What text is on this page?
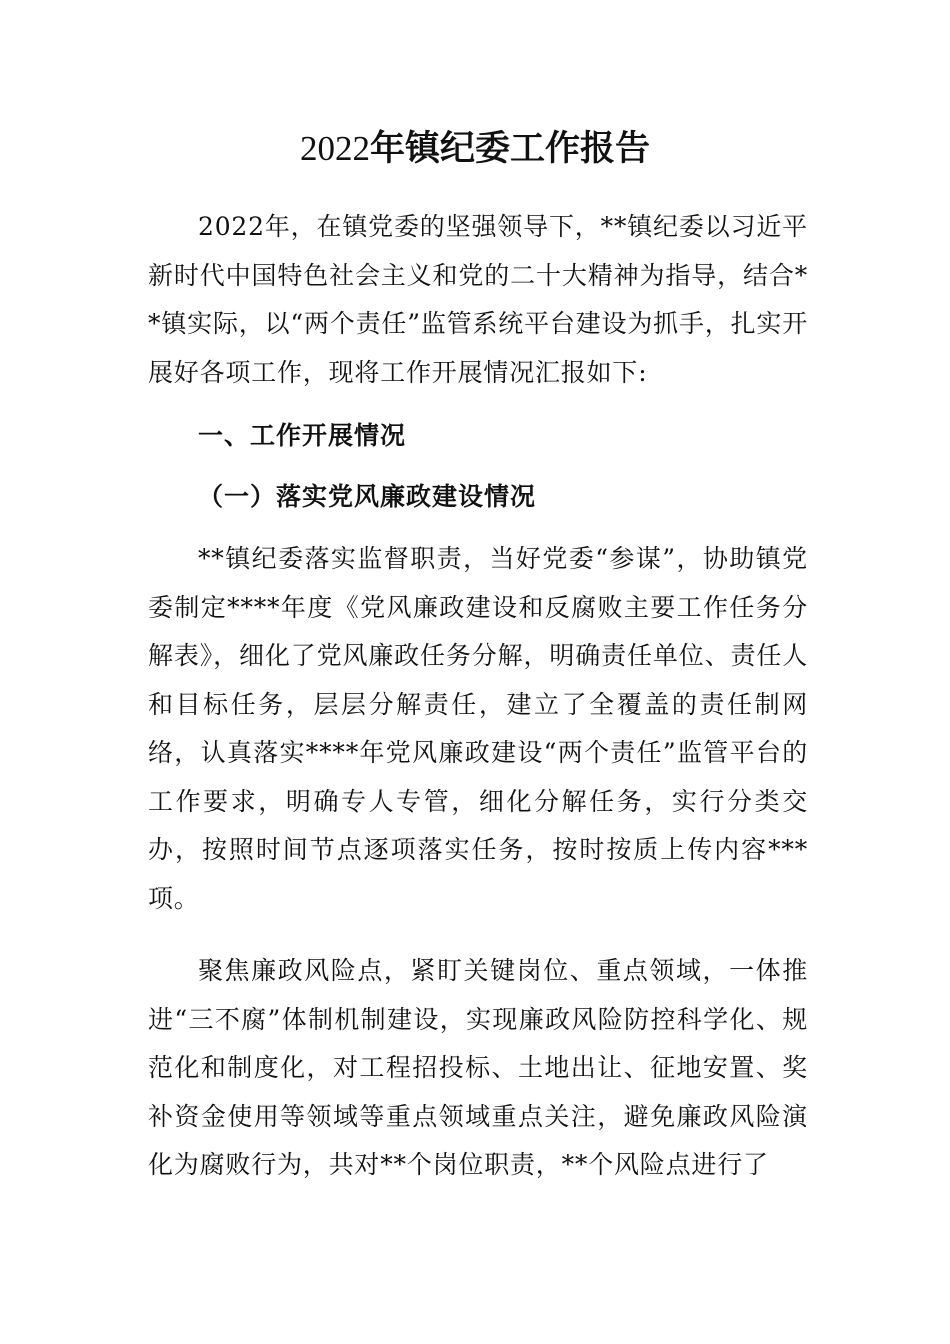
2022年镇纪委工作报告

2022年，在镇党委的坚强领导下，**镇纪委以习近平新时代中国特色社会主义和党的二十大精神为指导，结合**镇实际，以“两个责任”监管系统平台建设为抓手，扎实开展好各项工作，现将工作开展情况汇报如下:

一、工作开展情况
（一）落实党风廉政建设情况

**镇纪委落实监督职责，当好党委“参谋”，协助镇党委制定****年度《党风廉政建设和反腐败主要工作任务分解表》，细化了党风廉政任务分解，明确责任单位、责任人和目标任务，层层分解责任，建立了全覆盖的责任制网络，认真落实****年党风廉政建设“两个责任”监管平台的工作要求，明确专人专管，细化分解任务，实行分类交办，按照时间节点逐项落实任务，按时按质上传内容***项。

聚焦廉政风险点，紧盯关键岗位、重点领域，一体推进“三不腐”体制机制建设，实现廉政风险防控科学化、规范化和制度化，对工程招投标、土地出让、征地安置、奖补资金使用等领域等重点领域重点关注，避免廉政风险演化为腐败行为，共对**个岗位职责，**个风险点进行了
